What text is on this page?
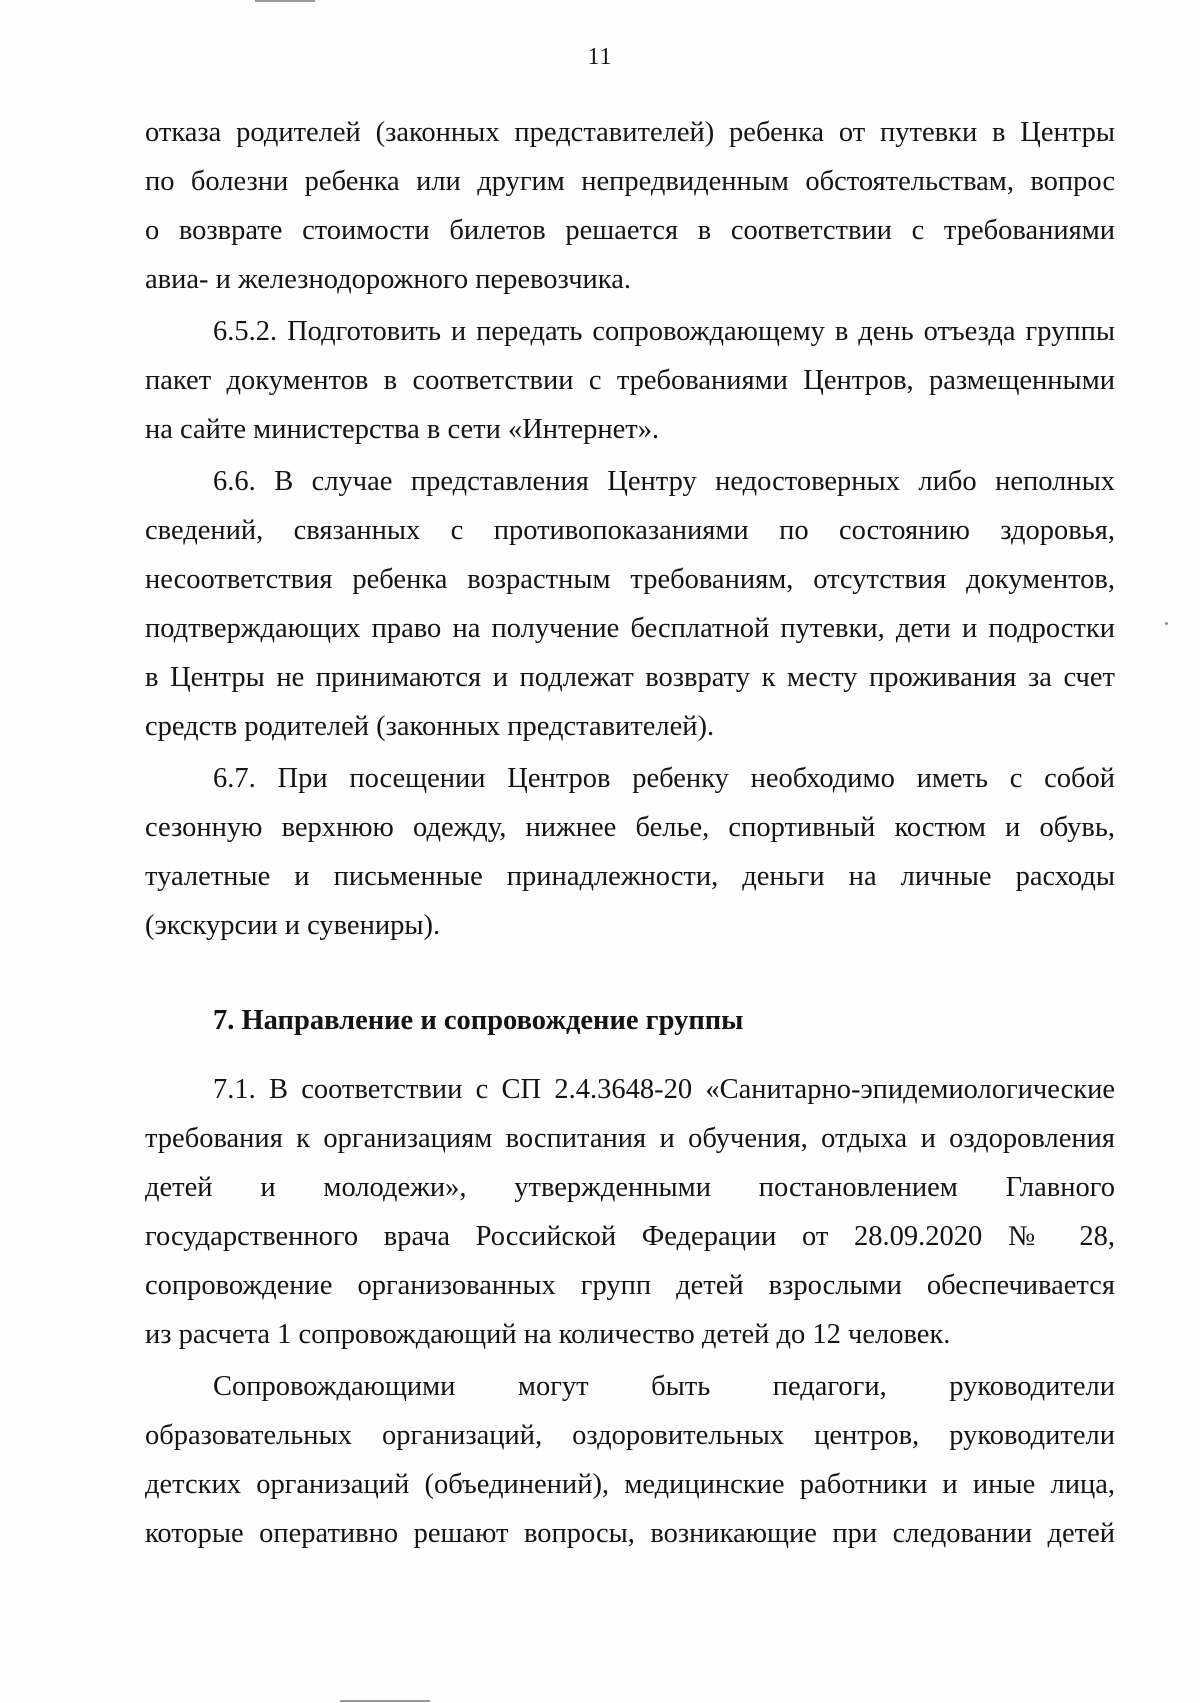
11
отказа родителей (законных представителей) ребенка от путевки в Центры
по болезни ребенка или другим непредвиденным обстоятельствам, вопрос
о возврате стоимости билетов решается в соответствии с требованиями
авиа- и железнодорожного перевозчика.
6.5.2. Подготовить и передать сопровождающему в день отъезда группы
пакет документов в соответствии с требованиями Центров, размещенными
на сайте министерства в сети «Интернет».
6.6. В случае представления Центру недостоверных либо неполных
сведений, связанных с противопоказаниями по состоянию здоровья,
несоответствия ребенка возрастным требованиям, отсутствия документов,
подтверждающих право на получение бесплатной путевки, дети и подростки
в Центры не принимаются и подлежат возврату к месту проживания за счет
средств родителей (законных представителей).
6.7. При посещении Центров ребенку необходимо иметь с собой
сезонную верхнюю одежду, нижнее белье, спортивный костюм и обувь,
туалетные и письменные принадлежности, деньги на личные расходы
(экскурсии и сувениры).
7. Направление и сопровождение группы
7.1. В соответствии с СП 2.4.3648-20 «Санитарно-эпидемиологические
требования к организациям воспитания и обучения, отдыха и оздоровления
детей и молодежи», утвержденными постановлением Главного
государственного врача Российской Федерации от 28.09.2020 № 28,
сопровождение организованных групп детей взрослыми обеспечивается
из расчета 1 сопровождающий на количество детей до 12 человек.
Сопровождающими могут быть педагоги, руководители
образовательных организаций, оздоровительных центров, руководители
детских организаций (объединений), медицинские работники и иные лица,
которые оперативно решают вопросы, возникающие при следовании детей
